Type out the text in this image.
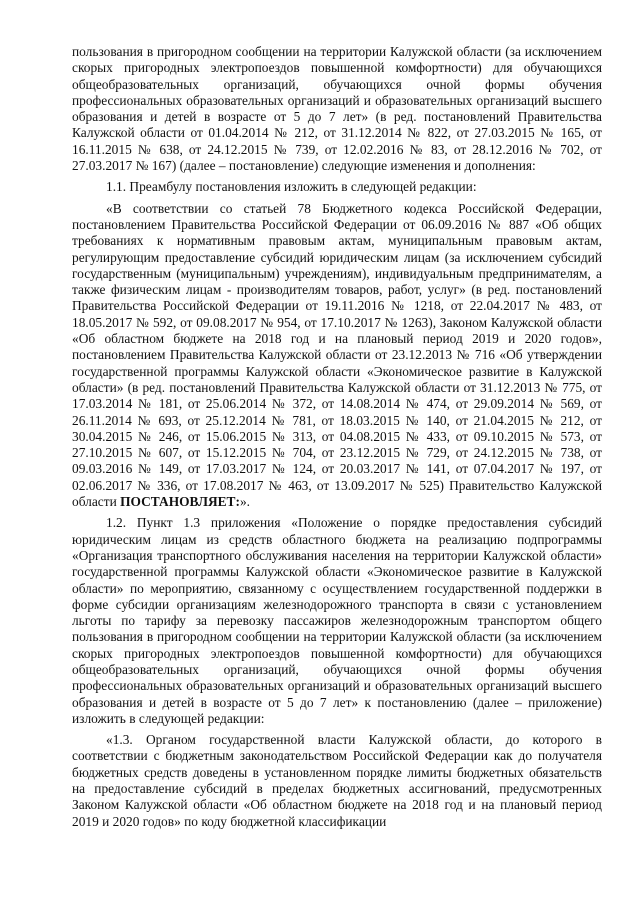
пользования в пригородном сообщении на территории Калужской области (за исключением скорых пригородных электропоездов повышенной комфортности) для обучающихся общеобразовательных организаций, обучающихся очной формы обучения профессиональных образовательных организаций и образовательных организаций высшего образования и детей в возрасте от 5 до 7 лет» (в ред. постановлений Правительства Калужской области от 01.04.2014 № 212, от 31.12.2014 № 822, от 27.03.2015 № 165, от 16.11.2015 № 638, от 24.12.2015 № 739, от 12.02.2016 № 83, от 28.12.2016 № 702, от 27.03.2017 № 167) (далее – постановление) следующие изменения и дополнения:

1.1. Преамбулу постановления изложить в следующей редакции:

«В соответствии со статьей 78 Бюджетного кодекса Российской Федерации, постановлением Правительства Российской Федерации от 06.09.2016 № 887 «Об общих требованиях к нормативным правовым актам, муниципальным правовым актам, регулирующим предоставление субсидий юридическим лицам (за исключением субсидий государственным (муниципальным) учреждениям), индивидуальным предпринимателям, а также физическим лицам - производителям товаров, работ, услуг» (в ред. постановлений Правительства Российской Федерации от 19.11.2016 № 1218, от 22.04.2017 № 483, от 18.05.2017 № 592, от 09.08.2017 № 954, от 17.10.2017 № 1263), Законом Калужской области «Об областном бюджете на 2018 год и на плановый период 2019 и 2020 годов», постановлением Правительства Калужской области от 23.12.2013 № 716 «Об утверждении государственной программы Калужской области «Экономическое развитие в Калужской области» (в ред. постановлений Правительства Калужской области от 31.12.2013 № 775, от 17.03.2014 № 181, от 25.06.2014 № 372, от 14.08.2014 № 474, от 29.09.2014 № 569, от 26.11.2014 № 693, от 25.12.2014 № 781, от 18.03.2015 № 140, от 21.04.2015 № 212, от 30.04.2015 № 246, от 15.06.2015 № 313, от 04.08.2015 № 433, от 09.10.2015 № 573, от 27.10.2015 № 607, от 15.12.2015 № 704, от 23.12.2015 № 729, от 24.12.2015 № 738, от 09.03.2016 № 149, от 17.03.2017 № 124, от 20.03.2017 № 141, от 07.04.2017 № 197, от 02.06.2017 № 336, от 17.08.2017 № 463, от 13.09.2017 № 525) Правительство Калужской области ПОСТАНОВЛЯЕТ:».

1.2. Пункт 1.3 приложения «Положение о порядке предоставления субсидий юридическим лицам из средств областного бюджета на реализацию подпрограммы «Организация транспортного обслуживания населения на территории Калужской области» государственной программы Калужской области «Экономическое развитие в Калужской области» по мероприятию, связанному с осуществлением государственной поддержки в форме субсидии организациям железнодорожного транспорта в связи с установлением льготы по тарифу за перевозку пассажиров железнодорожным транспортом общего пользования в пригородном сообщении на территории Калужской области (за исключением скорых пригородных электропоездов повышенной комфортности) для обучающихся общеобразовательных организаций, обучающихся очной формы обучения профессиональных образовательных организаций и образовательных организаций высшего образования и детей в возрасте от 5 до 7 лет» к постановлению (далее – приложение) изложить в следующей редакции:

«1.3. Органом государственной власти Калужской области, до которого в соответствии с бюджетным законодательством Российской Федерации как до получателя бюджетных средств доведены в установленном порядке лимиты бюджетных обязательств на предоставление субсидий в пределах бюджетных ассигнований, предусмотренных Законом Калужской области «Об областном бюджете на 2018 год и на плановый период 2019 и 2020 годов» по коду бюджетной классификации
